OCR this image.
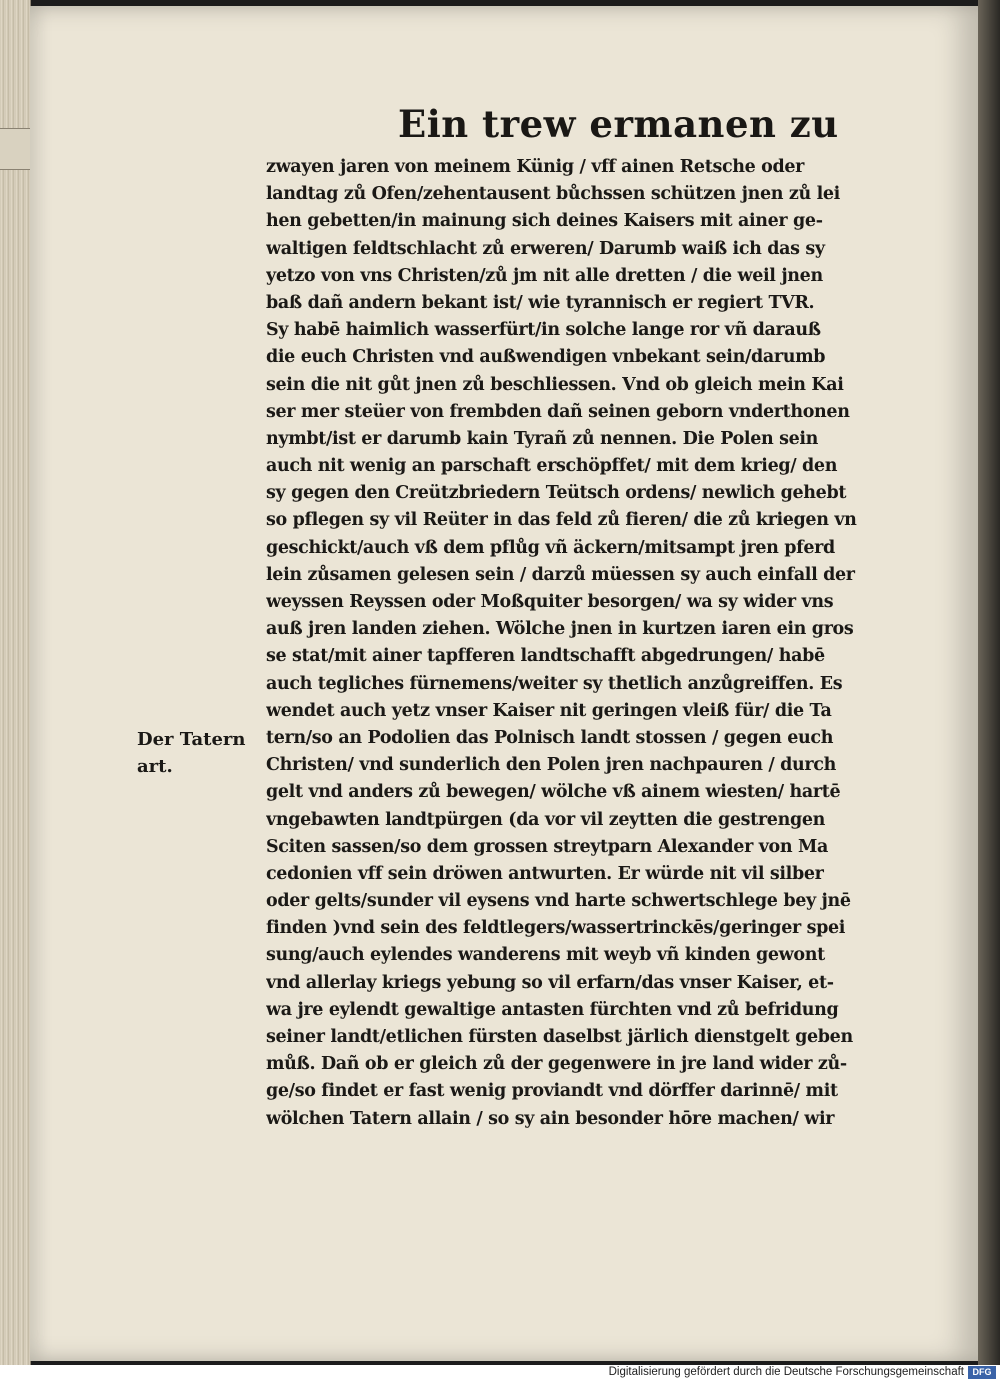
Ein trew ermanen zu
Der Tatern
art.
zwayen jaren von meinem Künig / vff ainen Retsche oder
landtag zů Ofen/zehentausent bůchssen schützen jnen zů lei
hen gebetten/in mainung sich deines Kaisers mit ainer ge-
waltigen feldtschlacht zů erweren/ Darumb waiß ich das sy
yetzo von vns Christen/zů jm nit alle dretten / die weil jnen
baß dañ andern bekant ist/ wie tyrannisch er regiert TVR.
Sy habē haimlich wasserfürt/in solche lange ror vñ darauß
die euch Christen vnd außwendigen vnbekant sein/darumb
sein die nit gůt jnen zů beschliessen. Vnd ob gleich mein Kai
ser mer steüer von frembden dañ seinen geborn vnderthonen
nymbt/ist er darumb kain Tyrañ zů nennen. Die Polen sein
auch nit wenig an parschaft erschöpffet/ mit dem krieg/ den
sy gegen den Creützbriedern Teütsch ordens/ newlich gehebt
so pflegen sy vil Reüter in das feld zů fieren/ die zů kriegen vn
geschickt/auch vß dem pflůg vñ äckern/mitsampt jren pferd
lein zůsamen gelesen sein / darzů müessen sy auch einfall der
weyssen Reyssen oder Moßquiter besorgen/ wa sy wider vns
auß jren landen ziehen. Wölche jnen in kurtzen iaren ein gros
se stat/mit ainer tapfferen landtschafft abgedrungen/ habē
auch tegliches fürnemens/weiter sy thetlich anzůgreiffen. Es
wendet auch yetz vnser Kaiser nit geringen vleiß für/ die Ta
tern/so an Podolien das Polnisch landt stossen / gegen euch
Christen/ vnd sunderlich den Polen jren nachpauren / durch
gelt vnd anders zů bewegen/ wölche vß ainem wiesten/ hartē
vngebawten landtpürgen (da vor vil zeytten die gestrengen
Sciten sassen/so dem grossen streytparn Alexander von Ma
cedonien vff sein dröwen antwurten. Er würde nit vil silber
oder gelts/sunder vil eysens vnd harte schwertschlege bey jnē
finden )vnd sein des feldtlegers/wassertrinckēs/geringer spei
sung/auch eylendes wanderens mit weyb vñ kinden gewont
vnd allerlay kriegs yebung so vil erfarn/das vnser Kaiser, et-
wa jre eylendt gewaltige antasten fürchten vnd zů befridung
seiner landt/etlichen fürsten daselbst järlich dienstgelt geben
můß. Dañ ob er gleich zů der gegenwere in jre land wider zů-
ge/so findet er fast wenig proviandt vnd dörffer darinnē/ mit
wölchen Tatern allain / so sy ain besonder hōre machen/ wir
Digitalisierung gefördert durch die Deutsche Forschungsgemeinschaft DFG
